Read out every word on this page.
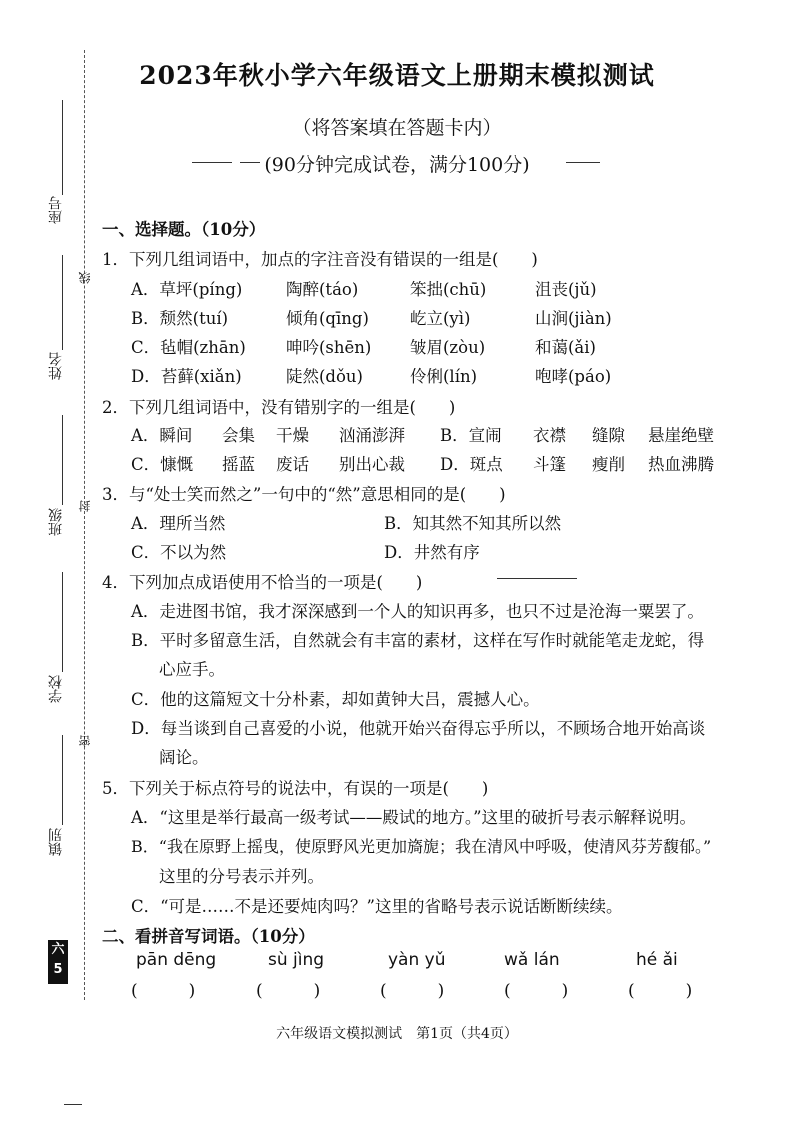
座号
线
姓名
班级
封
学校
密
镇别
六
5
2023年秋小学六年级语文上册期末模拟测试
（将答案填在答题卡内）
(90分钟完成试卷，满分100分)
一、选择题。（10分）
1．下列几组词语中，加点的字注音没有错误的一组是(　　)
A．草坪(píng)	陶醉(táo)	笨拙(chū)	沮丧(jǔ)
B．颓然(tuí)	倾角(qīng) 屹立(yì)	山涧(jiàn)
C．毡帽(zhān) 呻吟(shēn) 皱眉(zòu)	和蔼(ǎi)
D．苔藓(xiǎn)	陡然(dǒu)	伶俐(lín)	咆哮(páo)
2．下列几组词语中，没有错别字的一组是(　　)
A．瞬间 会集 干燥 汹涌澎湃 B．宣闹 衣襟 缝隙 悬崖绝壁
C．慷慨 摇蓝 废话 别出心裁 D．斑点 斗篷 瘦削 热血沸腾
3．与“处士笑而然之”一句中的“然”意思相同的是(　　)
A．理所当然	B．知其然不知其所以然
C．不以为然	D．井然有序
4．下列加点成语使用不恰当的一项是(　　)
A．走进图书馆，我才深深感到一个人的知识再多，也只不过是沧海一粟罢了。
B．平时多留意生活，自然就会有丰富的素材，这样在写作时就能笔走龙蛇，得
心应手。
C．他的这篇短文十分朴素，却如黄钟大吕，震撼人心。
D．每当谈到自己喜爱的小说，他就开始兴奋得忘乎所以，不顾场合地开始高谈
阔论。
5．下列关于标点符号的说法中，有误的一项是(　　)
A．“这里是举行最高一级考试——殿试的地方。”这里的破折号表示解释说明。
B．“我在原野上摇曳，使原野风光更加旖旎；我在清风中呼吸，使清风芬芳馥郁。”
这里的分号表示并列。
C．“可是……不是还要炖肉吗？”这里的省略号表示说话断断续续。
二、看拼音写词语。（10分）
pān dēng	sù jìng	yàn yǔ	wǎ lán	hé ǎi
(　　　)	(　　　)	(　　　)	(　　　)	(　　　)
六年级语文模拟测试　第1页（共4页）
